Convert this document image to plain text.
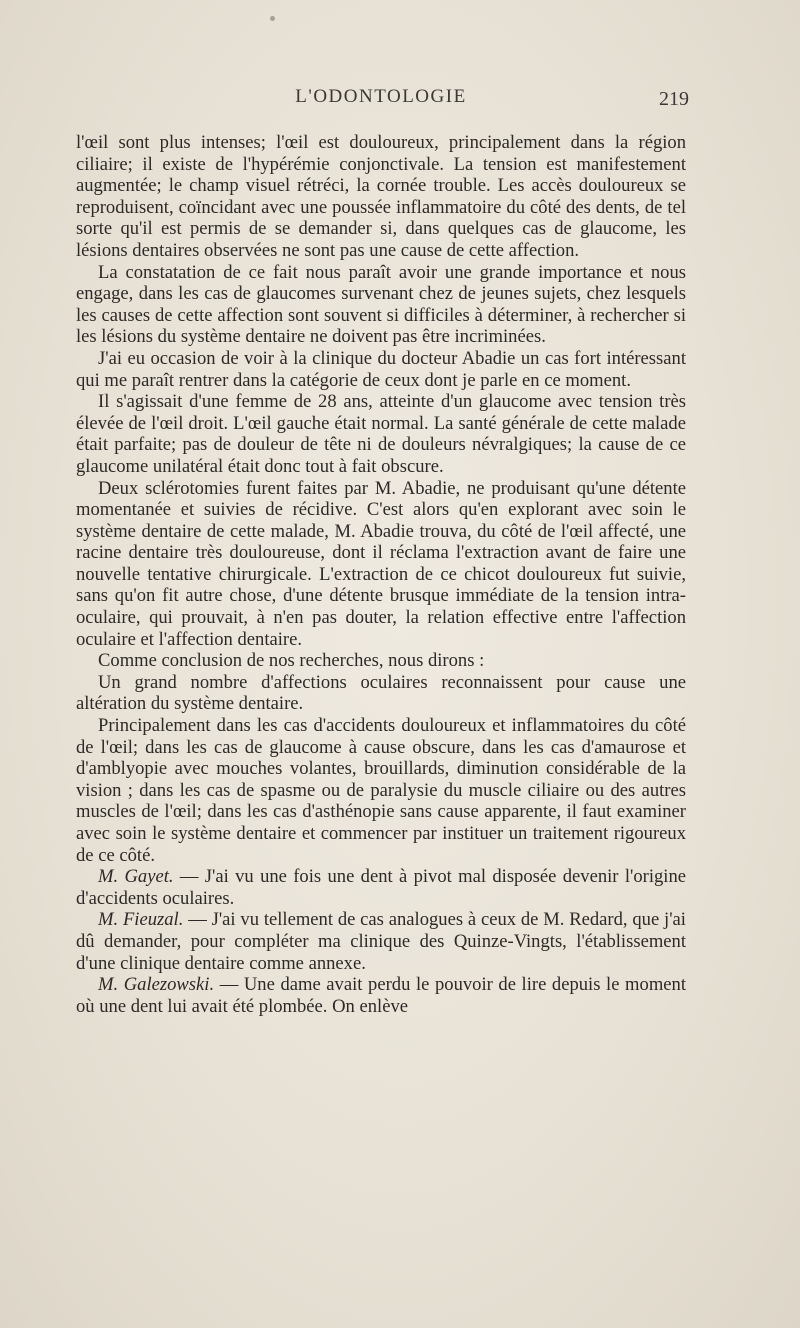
L'ODONTOLOGIE	219

l'œil sont plus intenses; l'œil est douloureux, principalement dans la région ciliaire; il existe de l'hypérémie conjonctivale. La tension est manifestement augmentée; le champ visuel rétréci, la cornée trouble. Les accès douloureux se reproduisent, coïncidant avec une poussée inflammatoire du côté des dents, de tel sorte qu'il est permis de se demander si, dans quelques cas de glaucome, les lésions dentaires observées ne sont pas une cause de cette affection.

La constatation de ce fait nous paraît avoir une grande importance et nous engage, dans les cas de glaucomes survenant chez de jeunes sujets, chez lesquels les causes de cette affection sont souvent si difficiles à déterminer, à rechercher si les lésions du système dentaire ne doivent pas être incriminées.

J'ai eu occasion de voir à la clinique du docteur Abadie un cas fort intéressant qui me paraît rentrer dans la catégorie de ceux dont je parle en ce moment.

Il s'agissait d'une femme de 28 ans, atteinte d'un glaucome avec tension très élevée de l'œil droit. L'œil gauche était normal. La santé générale de cette malade était parfaite; pas de douleur de tête ni de douleurs névralgiques; la cause de ce glaucome unilatéral était donc tout à fait obscure.

Deux sclérotomies furent faites par M. Abadie, ne produisant qu'une détente momentanée et suivies de récidive. C'est alors qu'en explorant avec soin le système dentaire de cette malade, M. Abadie trouva, du côté de l'œil affecté, une racine dentaire très douloureuse, dont il réclama l'extraction avant de faire une nouvelle tentative chirurgicale. L'extraction de ce chicot douloureux fut suivie, sans qu'on fit autre chose, d'une détente brusque immédiate de la tension intra-oculaire, qui prouvait, à n'en pas douter, la relation effective entre l'affection oculaire et l'affection dentaire.

Comme conclusion de nos recherches, nous dirons :

Un grand nombre d'affections oculaires reconnaissent pour cause une altération du système dentaire.

Principalement dans les cas d'accidents douloureux et inflammatoires du côté de l'œil; dans les cas de glaucome à cause obscure, dans les cas d'amaurose et d'amblyopie avec mouches volantes, brouillards, diminution considérable de la vision ; dans les cas de spasme ou de paralysie du muscle ciliaire ou des autres muscles de l'œil; dans les cas d'asthénopie sans cause apparente, il faut examiner avec soin le système dentaire et commencer par instituer un traitement rigoureux de ce côté.

M. Gayet. — J'ai vu une fois une dent à pivot mal disposée devenir l'origine d'accidents oculaires.

M. Fieuzal. — J'ai vu tellement de cas analogues à ceux de M. Redard, que j'ai dû demander, pour compléter ma clinique des Quinze-Vingts, l'établissement d'une clinique dentaire comme annexe.

M. Galezowski. — Une dame avait perdu le pouvoir de lire depuis le moment où une dent lui avait été plombée. On enlève
